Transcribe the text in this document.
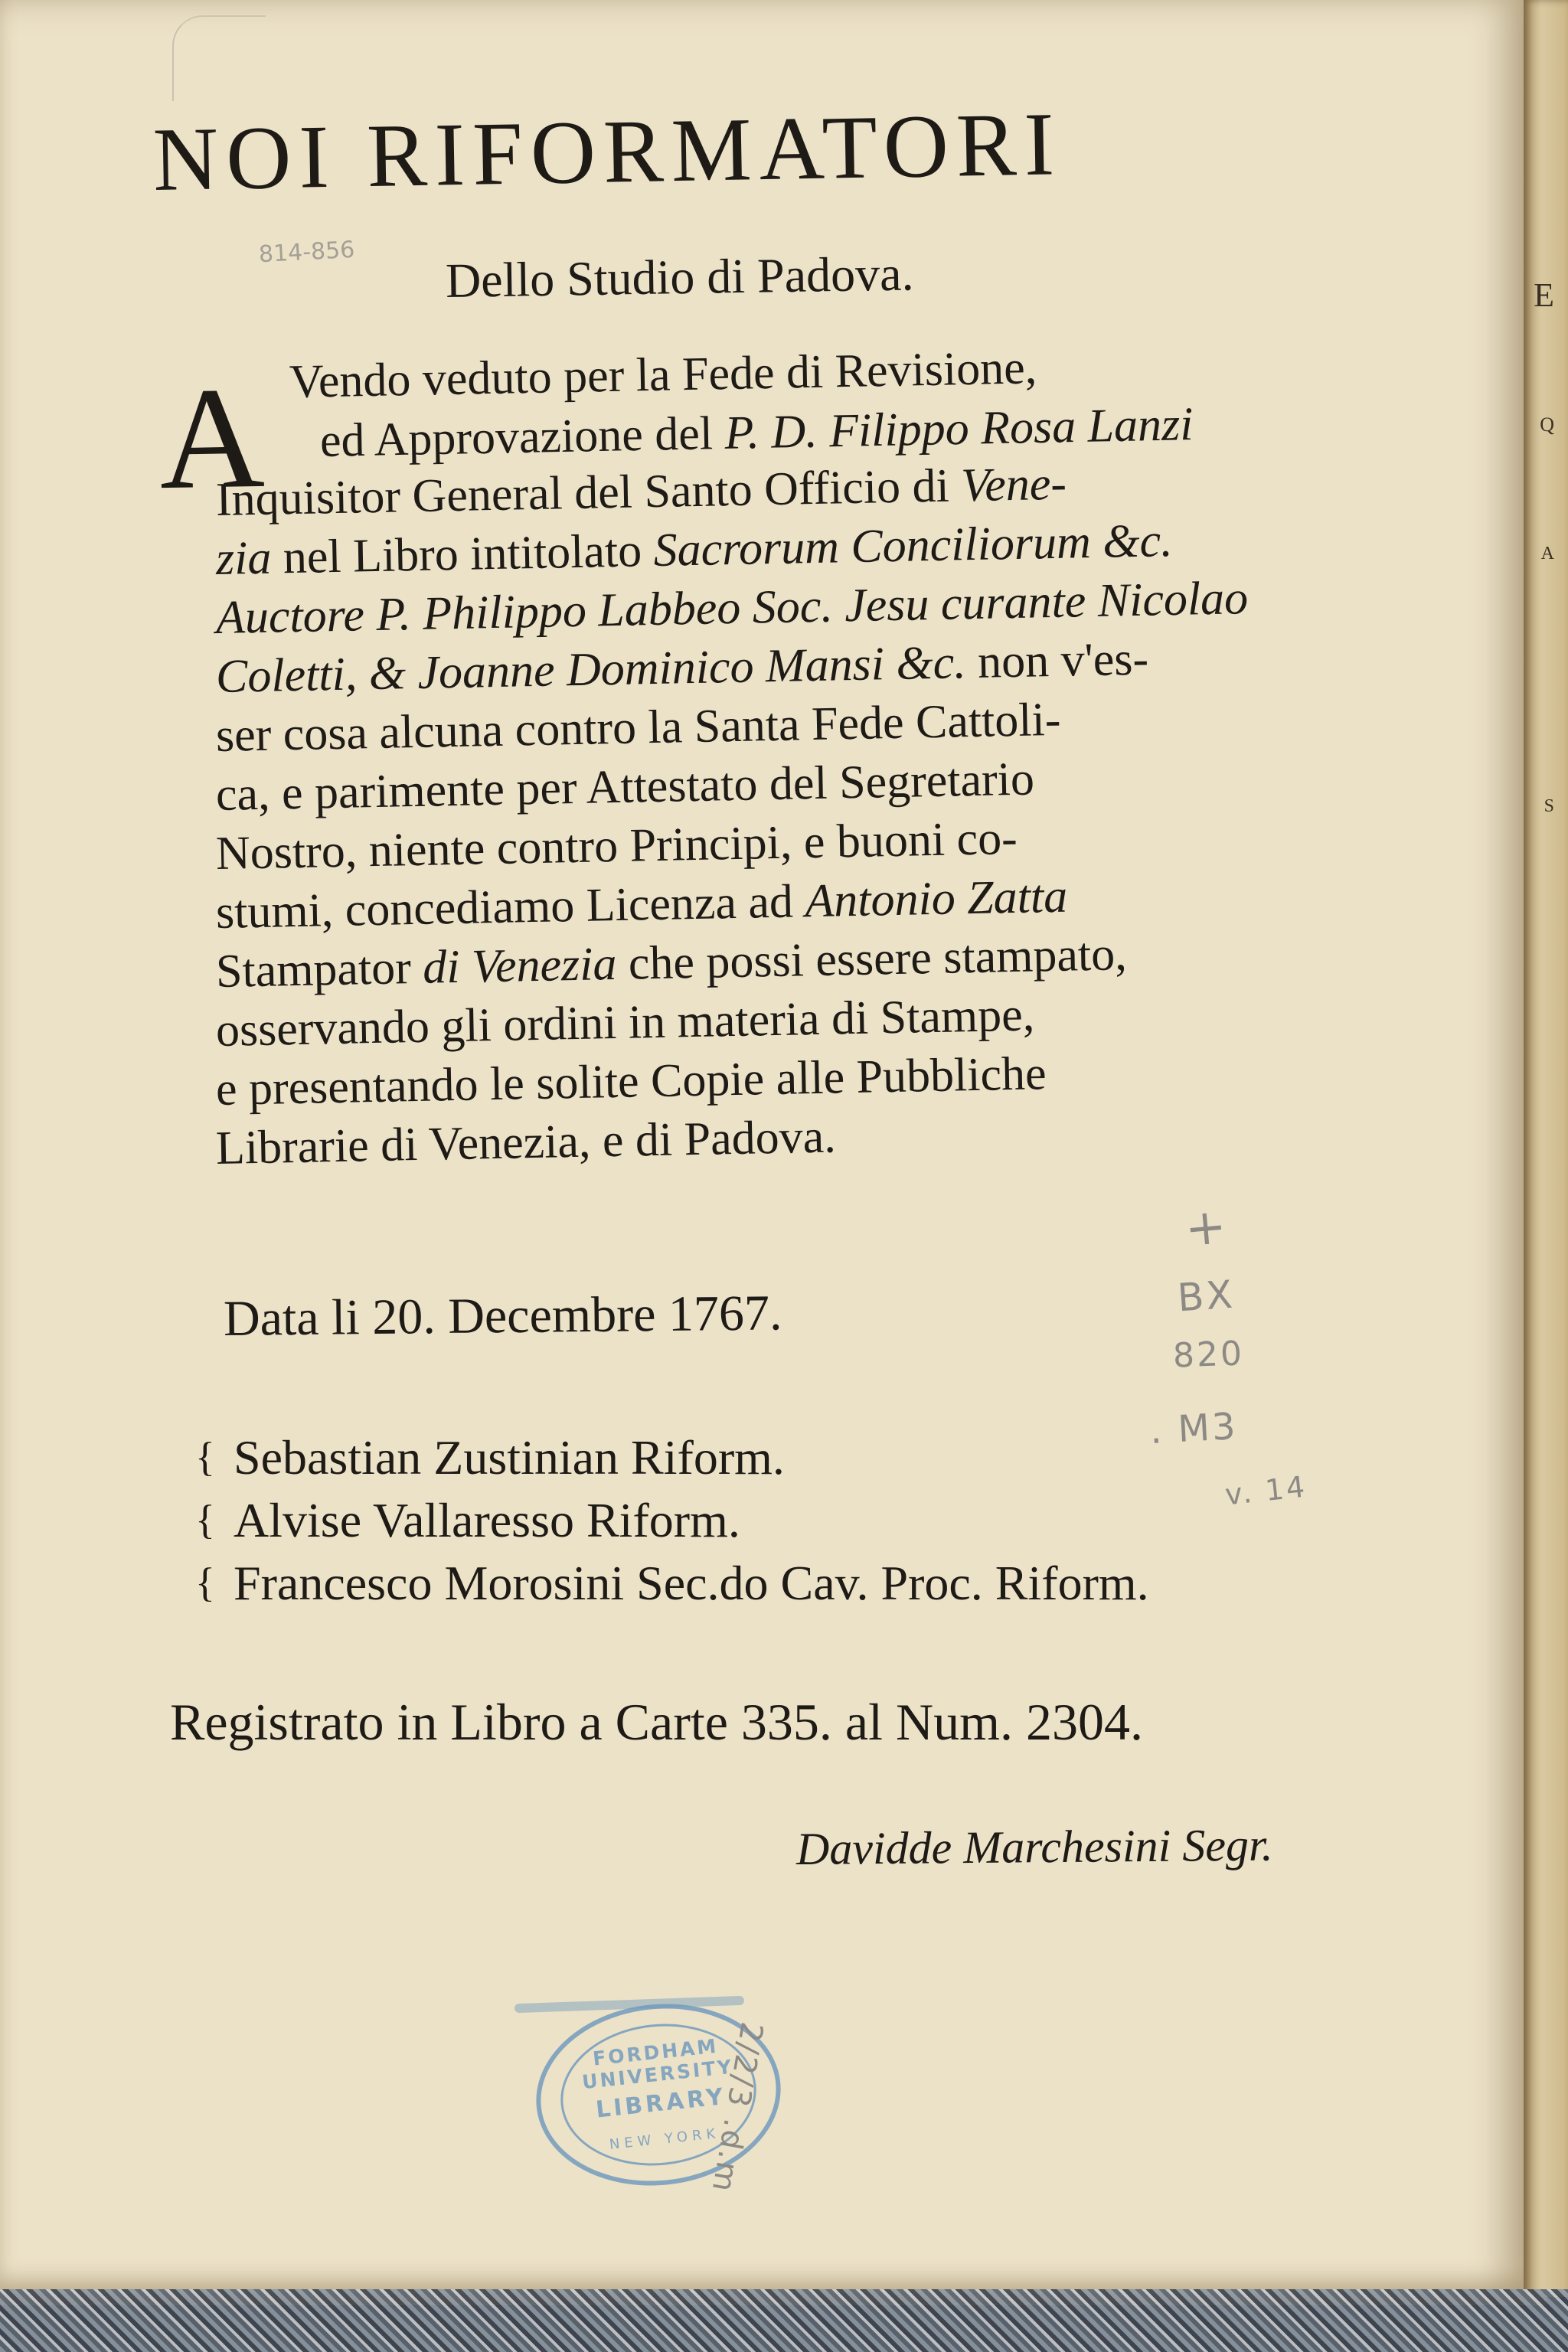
NOI RIFORMATORI
814-856 Dello Studio di Padova.
A Vendo veduto per la Fede di Revisione,
ed Approvazione del P. D. Filippo Rosa Lanzi
Inquisitor General del Santo Officio di Vene-
zia nel Libro intitolato Sacrorum Conciliorum &c.
Auctore P. Philippo Labbeo Soc. Jesu curante Nicolao
Coletti, & Joanne Dominico Mansi &c. non v'es-
ser cosa alcuna contro la Santa Fede Cattoli-
ca, e parimente per Attestato del Segretario
Nostro, niente contro Principi, e buoni co-
stumi, concediamo Licenza ad Antonio Zatta
Stampator di Venezia che possi essere stampato,
osservando gli ordini in materia di Stampe,
e presentando le solite Copie alle Pubbliche
Librarie di Venezia, e di Padova.
Data li 20. Decembre 1767.
+
BX
820
. M3
v. 14
{ Sebastian Zustinian Riform.
{ Alvise Vallaresso Riform.
{ Francesco Morosini Sec.do Cav. Proc. Riform.
Registrato in Libro a Carte 335. al Num. 2304.
Davidde Marchesini Segr.
FORDHAM UNIVERSITY
LIBRARY
NEW YORK
2/2/3 .d.m
E
Q
A
S
